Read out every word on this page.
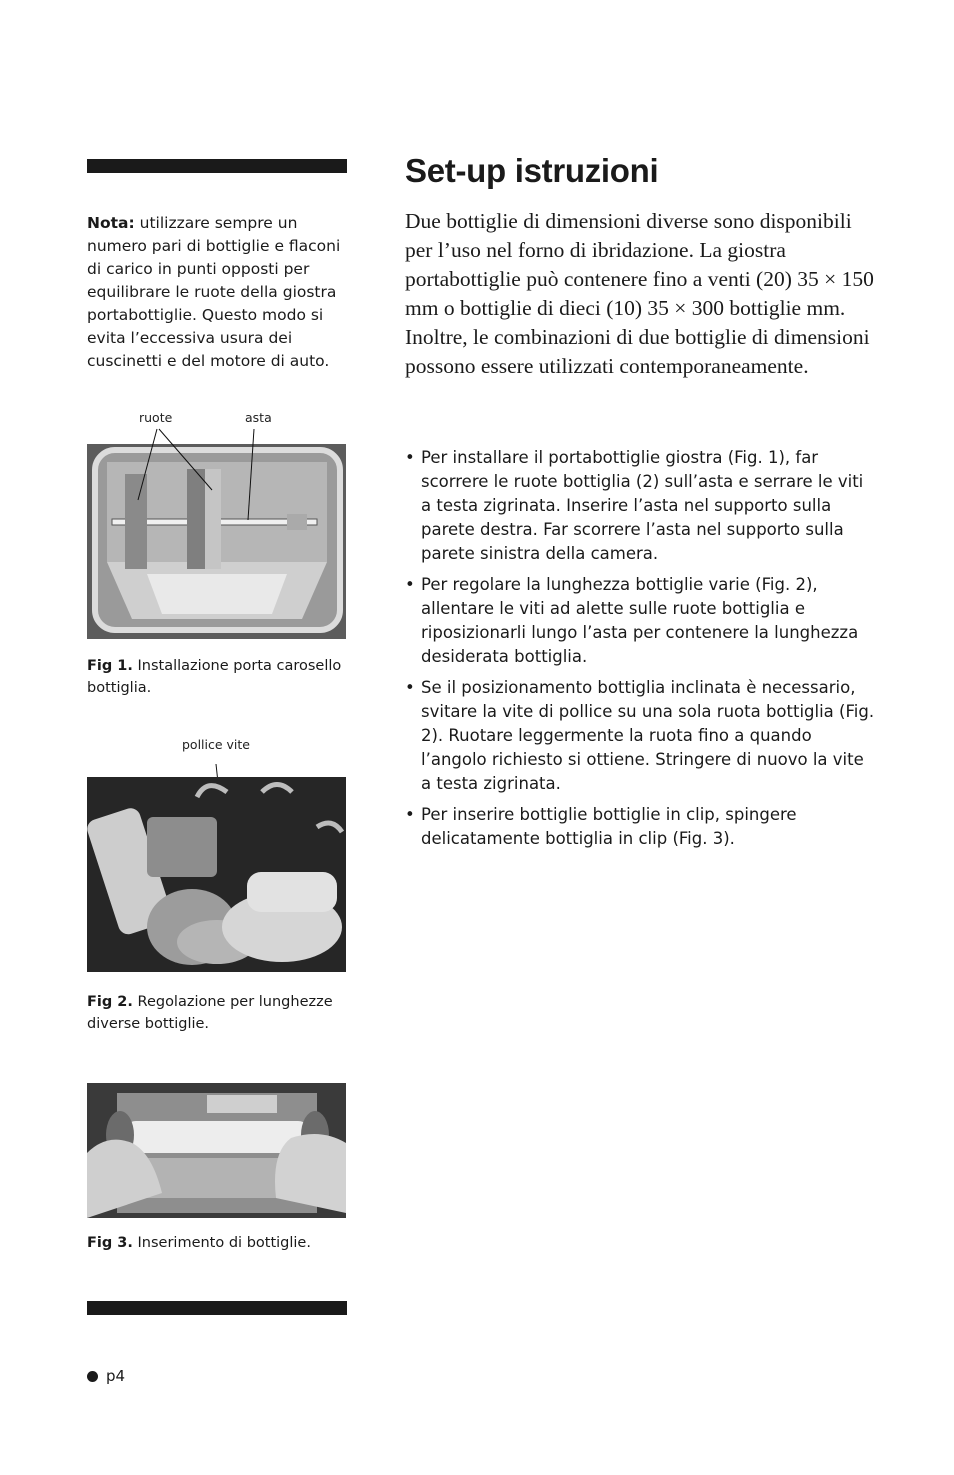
Nota: utilizzare sempre un numero pari di bottiglie e flaconi di carico in punti opposti per equilibrare le ruote della giostra portabottiglie. Questo modo si evita l’eccessiva usura dei cuscinetti e del motore di auto.

ruote	asta

Fig 1. Installazione porta carosello bottiglia.

pollice vite

Fig 2. Regolazione per lunghezze diverse bottiglie.

Fig 3. Inserimento di bottiglie.

Set-up istruzioni

Due bottiglie di dimensioni diverse sono disponibili per l’uso nel forno di ibridazione. La giostra portabottiglie può contenere fino a venti (20) 35 × 150 mm o bottiglie di dieci (10) 35 × 300 bottiglie mm. Inoltre, le combinazioni di due bottiglie di dimensioni possono essere utilizzati contemporaneamente.

• Per installare il portabottiglie giostra (Fig. 1), far scorrere le ruote bottiglia (2) sull’asta e serrare le viti a testa zigrinata. Inserire l’asta nel supporto sulla parete destra. Far scorrere l’asta nel supporto sulla parete sinistra della camera.
• Per regolare la lunghezza bottiglie varie (Fig. 2), allentare le viti ad alette sulle ruote bottiglia e riposizionarli lungo l’asta per contenere la lunghezza desiderata bottiglia.
• Se il posizionamento bottiglia inclinata è necessario, svitare la vite di pollice su una sola ruota bottiglia (Fig. 2). Ruotare leggermente la ruota fino a quando l’angolo richiesto si ottiene. Stringere di nuovo la vite a testa zigrinata.
• Per inserire bottiglie bottiglie in clip, spingere delicatamente bottiglia in clip (Fig. 3).
p4
